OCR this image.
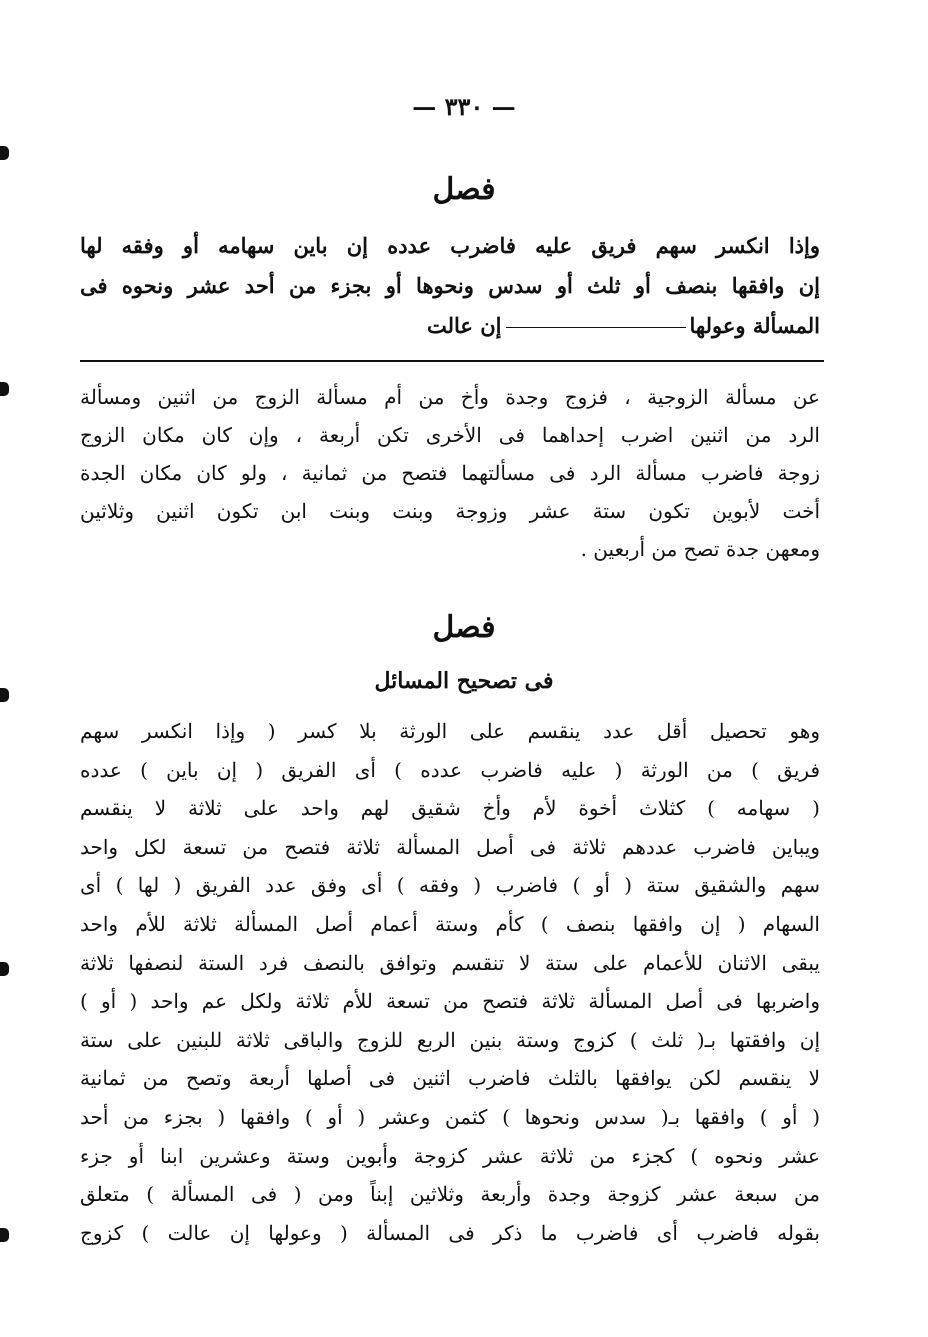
— ٣٣٠ —
فصل
وإذا انكسر سهم فريق عليه فاضرب عدده إن باين سهامه أو وفقه لها
إن وافقها بنصف أو ثلث أو سدس ونحوها أو بجزء من أحد عشر ونحوه فى
المسألة وعولهاإن عالت
عن مسألة الزوجية ، فزوج وجدة وأخ من أم مسألة الزوج من اثنين ومسألة
الرد من اثنين اضرب إحداهما فى الأخرى تكن أربعة ، وإن كان مكان الزوج
زوجة فاضرب مسألة الرد فى مسألتهما فتصح من ثمانية ، ولو كان مكان الجدة
أخت لأبوين تكون ستة عشر وزوجة وبنت وبنت ابن تكون اثنين وثلاثين
ومعهن جدة تصح من أربعين .
فصل
فى تصحيح المسائل
وهو تحصيل أقل عدد ينقسم على الورثة بلا كسر ( وإذا انكسر سهم
فريق ) من الورثة ( عليه فاضرب عدده ) أى الفريق ( إن باين ) عدده
( سهامه ) كثلاث أخوة لأم وأخ شقيق لهم واحد على ثلاثة لا ينقسم
ويباين فاضرب عددهم ثلاثة فى أصل المسألة ثلاثة فتصح من تسعة لكل واحد
سهم والشقيق ستة ( أو ) فاضرب ( وفقه ) أى وفق عدد الفريق ( لها ) أى
السهام ( إن وافقها بنصف ) كأم وستة أعمام أصل المسألة ثلاثة للأم واحد
يبقى الاثنان للأعمام على ستة لا تنقسم وتوافق بالنصف فرد الستة لنصفها ثلاثة
واضربها فى أصل المسألة ثلاثة فتصح من تسعة للأم ثلاثة ولكل عم واحد ( أو )
إن وافقتها بـ( ثلث ) كزوج وستة بنين الربع للزوج والباقى ثلاثة للبنين على ستة
لا ينقسم لكن يوافقها بالثلث فاضرب اثنين فى أصلها أربعة وتصح من ثمانية
( أو ) وافقها بـ( سدس ونحوها ) كثمن وعشر ( أو ) وافقها ( بجزء من أحد
عشر ونحوه ) كجزء من ثلاثة عشر كزوجة وأبوين وستة وعشرين ابنا أو جزء
من سبعة عشر كزوجة وجدة وأربعة وثلاثين إبناً ومن ( فى المسألة ) متعلق
بقوله فاضرب أى فاضرب ما ذكر فى المسألة ( وعولها إن عالت ) كزوج
